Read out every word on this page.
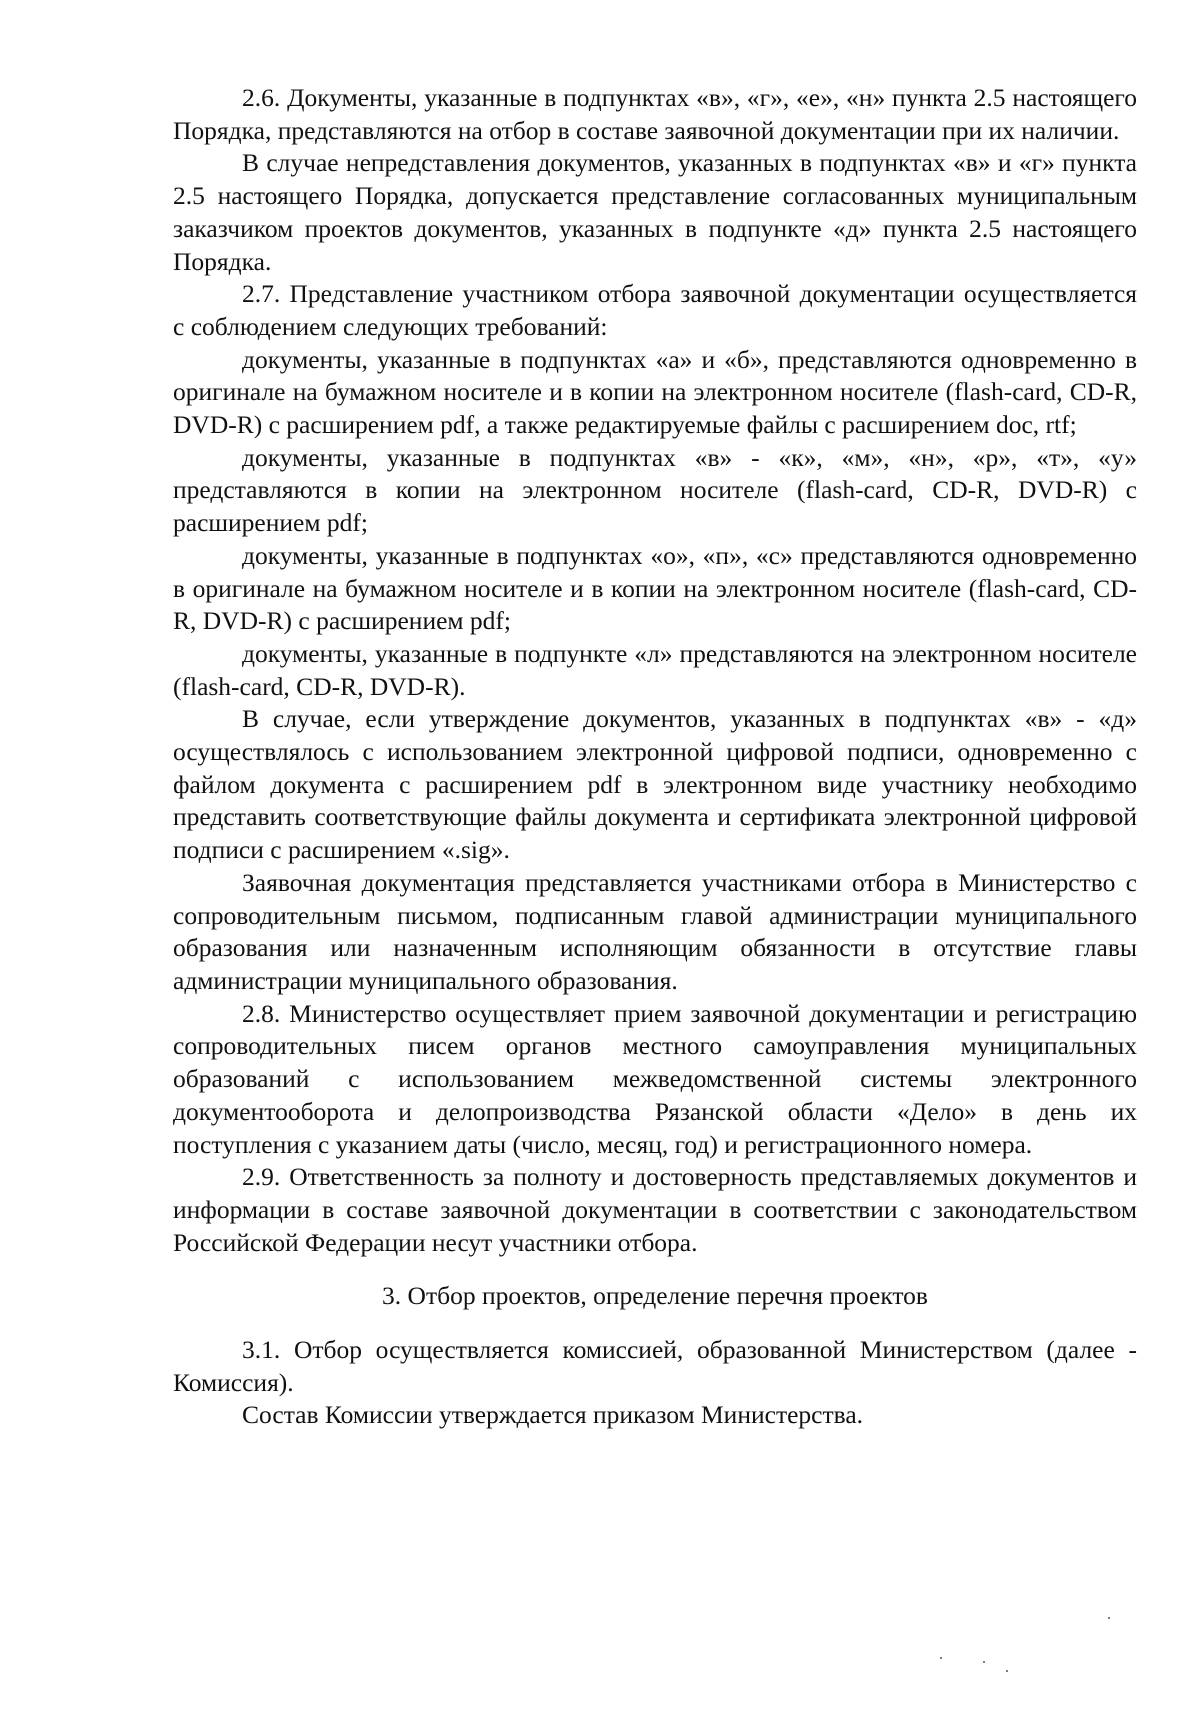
2.6. Документы, указанные в подпунктах «в», «г», «е», «н» пункта 2.5 настоящего Порядка, представляются на отбор в составе заявочной документации при их наличии.

В случае непредставления документов, указанных в подпунктах «в» и «г» пункта 2.5 настоящего Порядка, допускается представление согласованных муниципальным заказчиком проектов документов, указанных в подпункте «д» пункта 2.5 настоящего Порядка.

2.7. Представление участником отбора заявочной документации осуществляется с соблюдением следующих требований:

документы, указанные в подпунктах «а» и «б», представляются одновременно в оригинале на бумажном носителе и в копии на электронном носителе (flash-card, CD-R, DVD-R) с расширением pdf, а также редактируемые файлы с расширением doc, rtf;

документы, указанные в подпунктах «в» - «к», «м», «н», «р», «т», «у» представляются в копии на электронном носителе (flash-card, CD-R, DVD-R) с расширением pdf;

документы, указанные в подпунктах «о», «п», «с» представляются одновременно в оригинале на бумажном носителе и в копии на электронном носителе (flash-card, CD-R, DVD-R) с расширением pdf;

документы, указанные в подпункте «л» представляются на электронном носителе (flash-card, CD-R, DVD-R).

В случае, если утверждение документов, указанных в подпунктах «в» - «д» осуществлялось с использованием электронной цифровой подписи, одновременно с файлом документа с расширением pdf в электронном виде участнику необходимо представить соответствующие файлы документа и сертификата электронной цифровой подписи с расширением «.sig».

Заявочная документация представляется участниками отбора в Министерство с сопроводительным письмом, подписанным главой администрации муниципального образования или назначенным исполняющим обязанности в отсутствие главы администрации муниципального образования.

2.8. Министерство осуществляет прием заявочной документации и регистрацию сопроводительных писем органов местного самоуправления муниципальных образований с использованием межведомственной системы электронного документооборота и делопроизводства Рязанской области «Дело» в день их поступления с указанием даты (число, месяц, год) и регистрационного номера.

2.9. Ответственность за полноту и достоверность представляемых документов и информации в составе заявочной документации в соответствии с законодательством Российской Федерации несут участники отбора.

3. Отбор проектов, определение перечня проектов

3.1. Отбор осуществляется комиссией, образованной Министерством (далее - Комиссия).

Состав Комиссии утверждается приказом Министерства.
